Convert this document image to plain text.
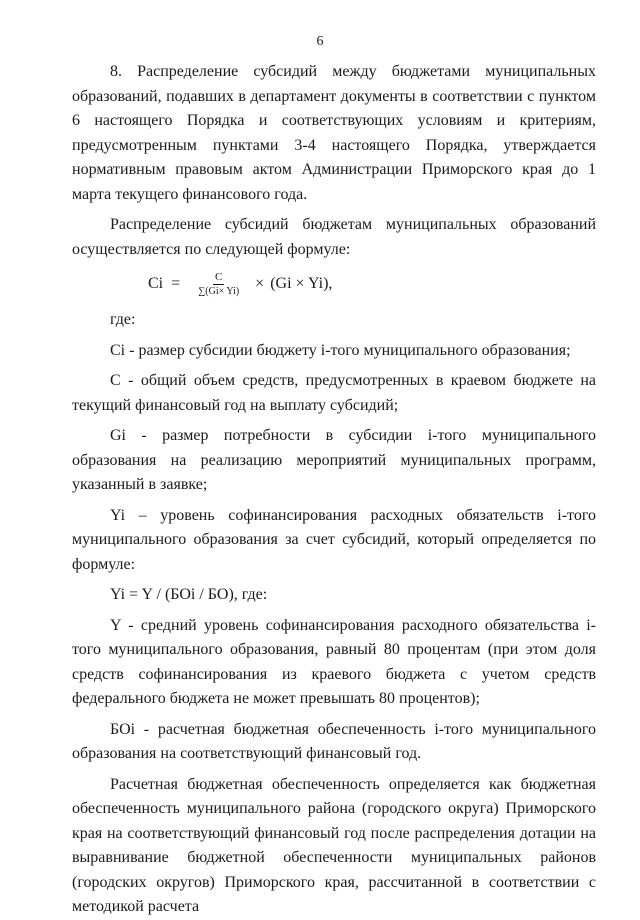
6

8. Распределение субсидий между бюджетами муниципальных образований, подавших в департамент документы в соответствии с пунктом 6 настоящего Порядка и соответствующих условиям и критериям, предусмотренным пунктами 3-4 настоящего Порядка, утверждается нормативным правовым актом Администрации Приморского края до 1 марта текущего финансового года.

Распределение субсидий бюджетам муниципальных образований осуществляется по следующей формуле:

$Ci = \frac{C}{\sum(Gi\times Yi)} \times (Gi \times Yi)$,

где:

Ci - размер субсидии бюджету i-того муниципального образования;

С - общий объем средств, предусмотренных в краевом бюджете на текущий финансовый год на выплату субсидий;

Gi - размер потребности в субсидии i-того муниципального образования на реализацию мероприятий муниципальных программ, указанный в заявке;

Yi – уровень софинансирования расходных обязательств i-того муниципального образования за счет субсидий, который определяется по формуле:

Yi = Y / (БОi / БО), где:

Y - средний уровень софинансирования расходного обязательства i-того муниципального образования, равный 80 процентам (при этом доля средств софинансирования из краевого бюджета с учетом средств федерального бюджета не может превышать 80 процентов);

БОi - расчетная бюджетная обеспеченность i-того муниципального образования на соответствующий финансовый год.

Расчетная бюджетная обеспеченность определяется как бюджетная обеспеченность муниципального района (городского округа) Приморского края на соответствующий финансовый год после распределения дотации на выравнивание бюджетной обеспеченности муниципальных районов (городских округов) Приморского края, рассчитанной в соответствии с методикой расчета
